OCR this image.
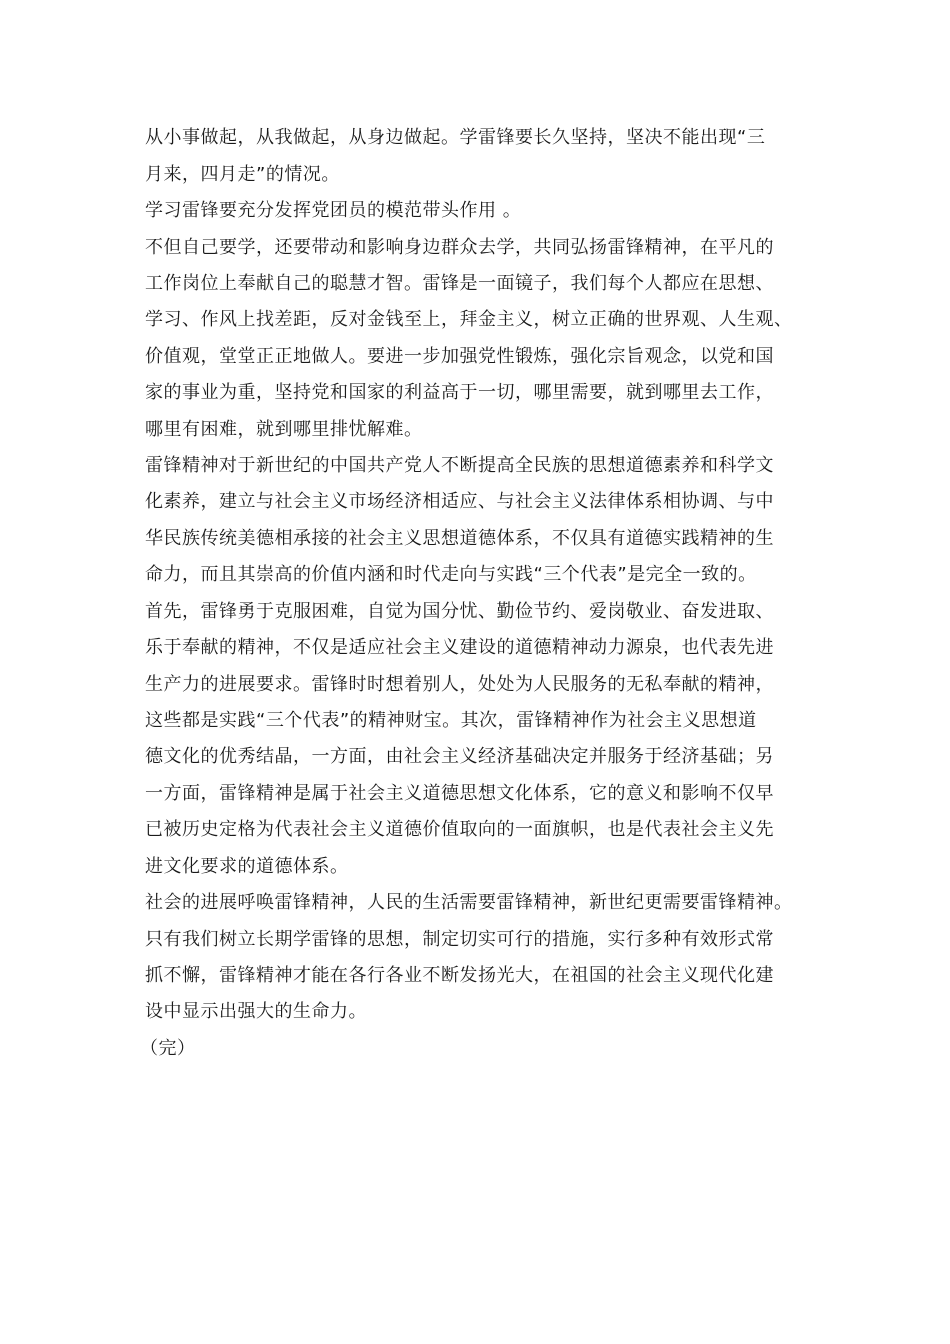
从小事做起，从我做起，从身边做起。学雷锋要长久坚持，坚决不能出现“三
月来，四月走”的情况。
学习雷锋要充分发挥党团员的模范带头作用 。
不但自己要学，还要带动和影响身边群众去学，共同弘扬雷锋精神，在平凡的
工作岗位上奉献自己的聪慧才智。雷锋是一面镜子，我们每个人都应在思想、
学习、作风上找差距，反对金钱至上，拜金主义，树立正确的世界观、人生观、
价值观，堂堂正正地做人。要进一步加强党性锻炼，强化宗旨观念，以党和国
家的事业为重，坚持党和国家的利益高于一切，哪里需要，就到哪里去工作，
哪里有困难，就到哪里排忧解难。
雷锋精神对于新世纪的中国共产党人不断提高全民族的思想道德素养和科学文
化素养，建立与社会主义市场经济相适应、与社会主义法律体系相协调、与中
华民族传统美德相承接的社会主义思想道德体系，不仅具有道德实践精神的生
命力，而且其崇高的价值内涵和时代走向与实践“三个代表”是完全一致的。
首先，雷锋勇于克服困难，自觉为国分忧、勤俭节约、爱岗敬业、奋发进取、
乐于奉献的精神，不仅是适应社会主义建设的道德精神动力源泉，也代表先进
生产力的进展要求。雷锋时时想着别人，处处为人民服务的无私奉献的精神，
这些都是实践“三个代表”的精神财宝。其次，雷锋精神作为社会主义思想道
德文化的优秀结晶，一方面，由社会主义经济基础决定并服务于经济基础；另
一方面，雷锋精神是属于社会主义道德思想文化体系，它的意义和影响不仅早
已被历史定格为代表社会主义道德价值取向的一面旗帜，也是代表社会主义先
进文化要求的道德体系。
社会的进展呼唤雷锋精神，人民的生活需要雷锋精神，新世纪更需要雷锋精神。
只有我们树立长期学雷锋的思想，制定切实可行的措施，实行多种有效形式常
抓不懈，雷锋精神才能在各行各业不断发扬光大，在祖国的社会主义现代化建
设中显示出强大的生命力。
（完）
